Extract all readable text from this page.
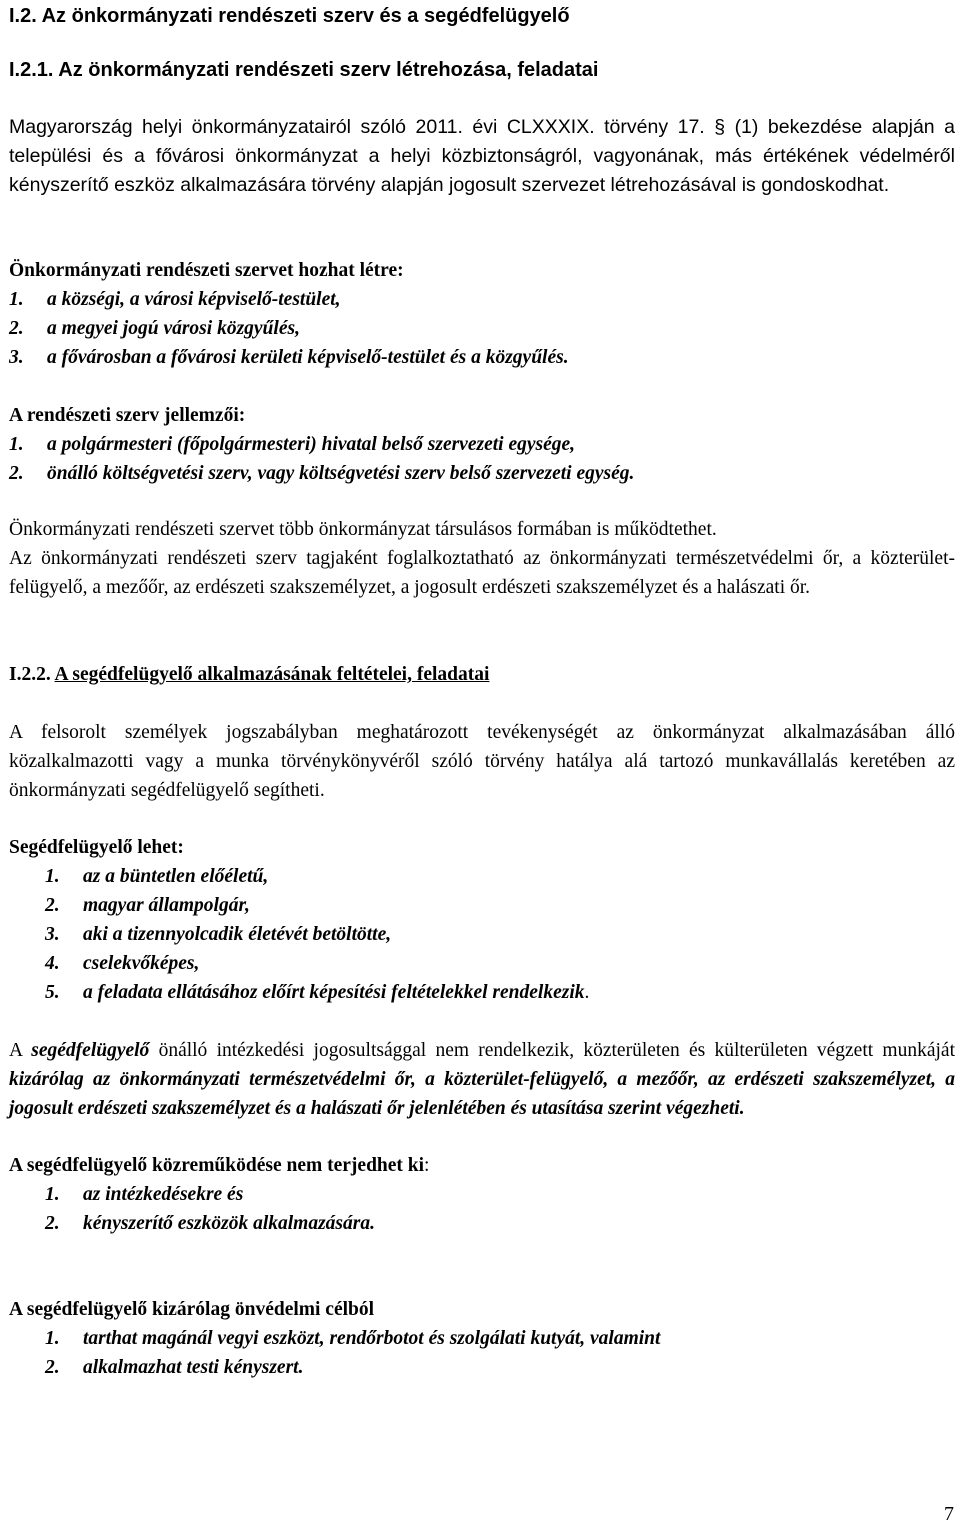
I.2. Az önkormányzati rendészeti szerv és a segédfelügyelő
I.2.1. Az önkormányzati rendészeti szerv létrehozása, feladatai

Magyarország helyi önkormányzatairól szóló 2011. évi CLXXXIX. törvény 17. § (1) bekezdése alapján a települési és a fővárosi önkormányzat a helyi közbiztonságról, vagyonának, más értékének védelméről kényszerítő eszköz alkalmazására törvény alapján jogosult szervezet létrehozásával is gondoskodhat.

Önkormányzati rendészeti szervet hozhat létre:
1. a községi, a városi képviselő-testület,
2. a megyei jogú városi közgyűlés,
3. a fővárosban a fővárosi kerületi képviselő-testület és a közgyűlés.
A rendészeti szerv jellemzői:
1. a polgármesteri (főpolgármesteri) hivatal belső szervezeti egysége,
2. önálló költségvetési szerv, vagy költségvetési szerv belső szervezeti egység.

Önkormányzati rendészeti szervet több önkormányzat társulásos formában is működtethet.

Az önkormányzati rendészeti szerv tagjaként foglalkoztatható az önkormányzati természetvédelmi őr, a közterület-felügyelő, a mezőőr, az erdészeti szakszemélyzet, a jogosult erdészeti szakszemélyzet és a halászati őr.

I.2.2. A segédfelügyelő alkalmazásának feltételei, feladatai

A felsorolt személyek jogszabályban meghatározott tevékenységét az önkormányzat alkalmazásában álló közalkalmazotti vagy a munka törvénykönyvéről szóló törvény hatálya alá tartozó munkavállalás keretében az önkormányzati segédfelügyelő segítheti.

Segédfelügyelő lehet:
1. az a büntetlen előéletű,
2. magyar állampolgár,
3. aki a tizennyolcadik életévét betöltötte,
4. cselekvőképes,
5. a feladata ellátásához előírt képesítési feltételekkel rendelkezik.

A segédfelügyelő önálló intézkedési jogosultsággal nem rendelkezik, közterületen és külterületen végzett munkáját kizárólag az önkormányzati természetvédelmi őr, a közterület-felügyelő, a mezőőr, az erdészeti szakszemélyzet, a jogosult erdészeti szakszemélyzet és a halászati őr jelenlétében és utasítása szerint végezheti.

A segédfelügyelő közreműködése nem terjedhet ki:
1. az intézkedésekre és
2. kényszerítő eszközök alkalmazására.
A segédfelügyelő kizárólag önvédelmi célból
1. tarthat magánál vegyi eszközt, rendőrbotot és szolgálati kutyát, valamint
2. alkalmazhat testi kényszert.
7
